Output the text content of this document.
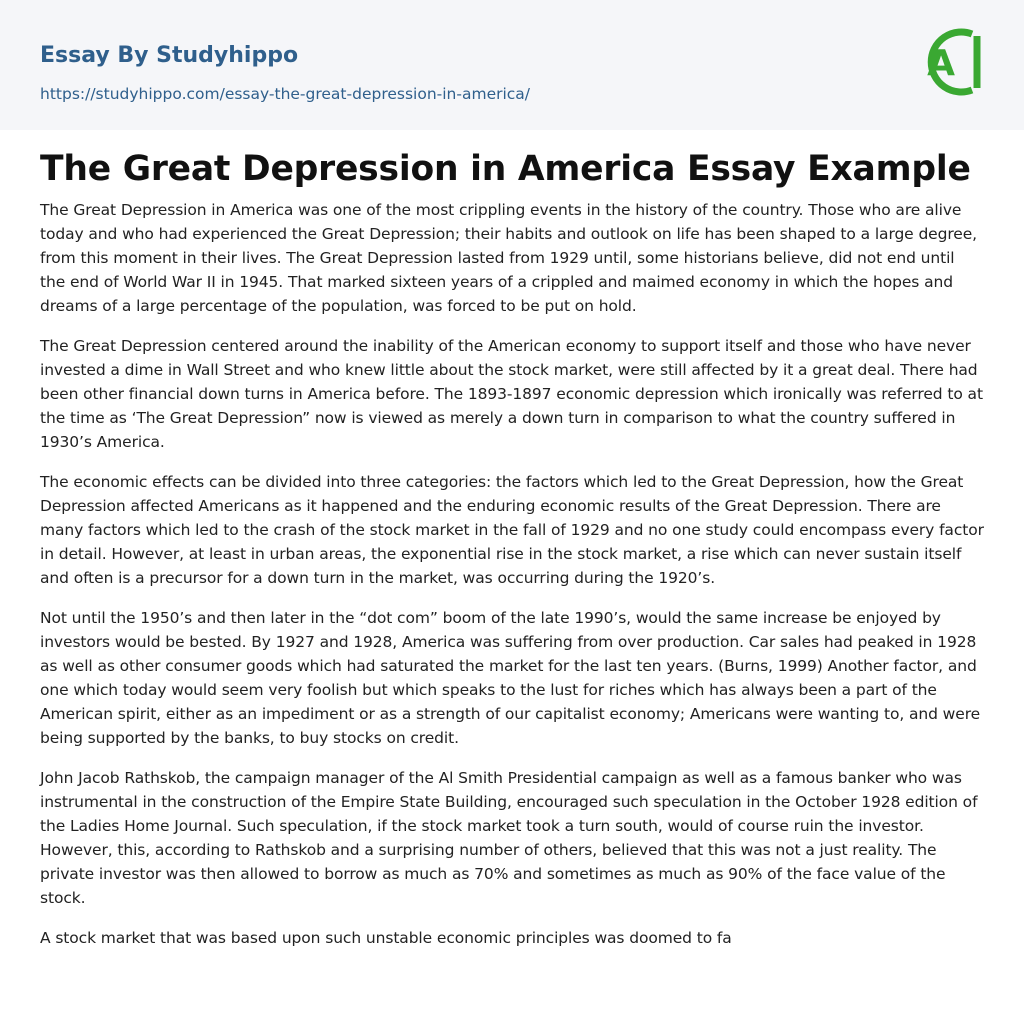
Essay By Studyhippo
https://studyhippo.com/essay-the-great-depression-in-america/
A
The Great Depression in America Essay Example

The Great Depression in America was one of the most crippling events in the history of the country. Those who are alive today and who had experienced the Great Depression; their habits and outlook on life has been shaped to a large degree, from this moment in their lives. The Great Depression lasted from 1929 until, some historians believe, did not end until the end of World War II in 1945. That marked sixteen years of a crippled and maimed economy in which the hopes and dreams of a large percentage of the population, was forced to be put on hold.

The Great Depression centered around the inability of the American economy to support itself and those who have never invested a dime in Wall Street and who knew little about the stock market, were still affected by it a great deal. There had been other financial down turns in America before. The 1893-1897 economic depression which ironically was referred to at the time as ‘The Great Depression” now is viewed as merely a down turn in comparison to what the country suffered in 1930’s America.

The economic effects can be divided into three categories: the factors which led to the Great Depression, how the Great Depression affected Americans as it happened and the enduring economic results of the Great Depression. There are many factors which led to the crash of the stock market in the fall of 1929 and no one study could encompass every factor in detail. However, at least in urban areas, the exponential rise in the stock market, a rise which can never sustain itself and often is a precursor for a down turn in the market, was occurring during the 1920’s.

Not until the 1950’s and then later in the “dot com” boom of the late 1990’s, would the same increase be enjoyed by investors would be bested. By 1927 and 1928, America was suffering from over production. Car sales had peaked in 1928 as well as other consumer goods which had saturated the market for the last ten years. (Burns, 1999) Another factor, and one which today would seem very foolish but which speaks to the lust for riches which has always been a part of the American spirit, either as an impediment or as a strength of our capitalist economy; Americans were wanting to, and were being supported by the banks, to buy stocks on credit.

John Jacob Rathskob, the campaign manager of the Al Smith Presidential campaign as well as a famous banker who was instrumental in the construction of the Empire State Building, encouraged such speculation in the October 1928 edition of the Ladies Home Journal. Such speculation, if the stock market took a turn south, would of course ruin the investor. However, this, according to Rathskob and a surprising number of others, believed that this was not a just reality. The private investor was then allowed to borrow as much as 70% and sometimes as much as 90% of the face value of the stock.

A stock market that was based upon such unstable economic principles was doomed to fa
